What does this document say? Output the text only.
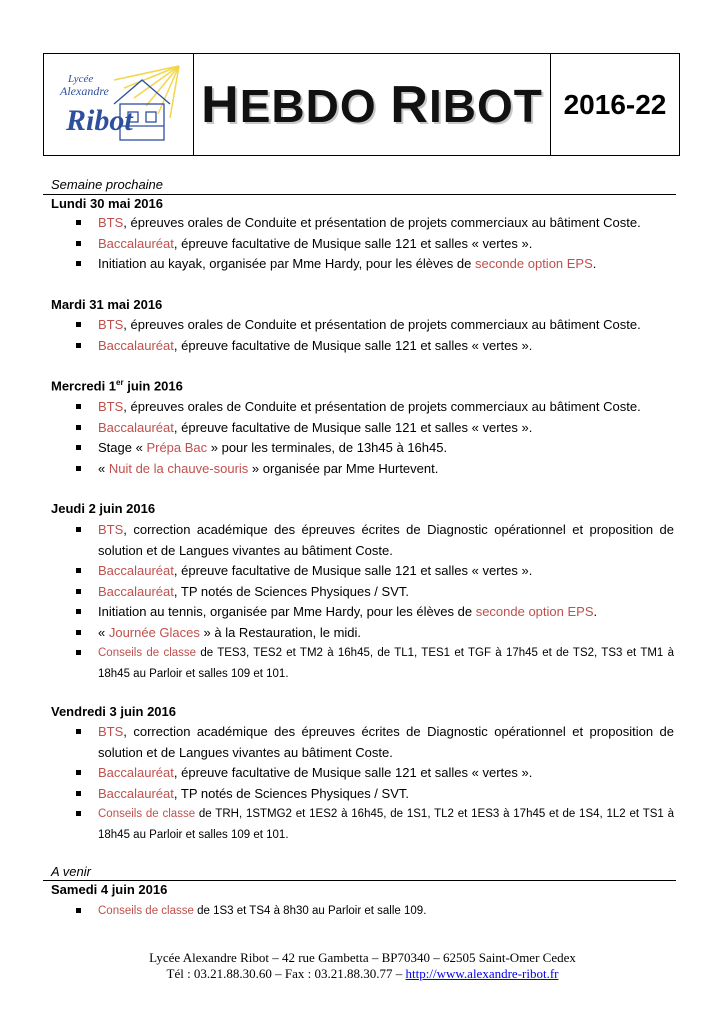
Lycée
Alexandre
Ribot HEBDO RIBOT 2016-22
Semaine prochaine
Lundi 30 mai 2016
BTS, épreuves orales de Conduite et présentation de projets commerciaux au bâtiment Coste.
Baccalauréat, épreuve facultative de Musique salle 121 et salles « vertes ».
Initiation au kayak, organisée par Mme Hardy, pour les élèves de seconde option EPS.
Mardi 31 mai 2016
BTS, épreuves orales de Conduite et présentation de projets commerciaux au bâtiment Coste.
Baccalauréat, épreuve facultative de Musique salle 121 et salles « vertes ».
Mercredi 1er juin 2016
BTS, épreuves orales de Conduite et présentation de projets commerciaux au bâtiment Coste.
Baccalauréat, épreuve facultative de Musique salle 121 et salles « vertes ».
Stage « Prépa Bac » pour les terminales, de 13h45 à 16h45.
« Nuit de la chauve-souris » organisée par Mme Hurtevent.
Jeudi 2 juin 2016
BTS, correction académique des épreuves écrites de Diagnostic opérationnel et proposition de solution et de Langues vivantes au bâtiment Coste.
Baccalauréat, épreuve facultative de Musique salle 121 et salles « vertes ».
Baccalauréat, TP notés de Sciences Physiques / SVT.
Initiation au tennis, organisée par Mme Hardy, pour les élèves de seconde option EPS.
« Journée Glaces » à la Restauration, le midi.
Conseils de classe de TES3, TES2 et TM2 à 16h45, de TL1, TES1 et TGF à 17h45 et de TS2, TS3 et TM1 à 18h45 au Parloir et salles 109 et 101.
Vendredi 3 juin 2016
BTS, correction académique des épreuves écrites de Diagnostic opérationnel et proposition de solution et de Langues vivantes au bâtiment Coste.
Baccalauréat, épreuve facultative de Musique salle 121 et salles « vertes ».
Baccalauréat, TP notés de Sciences Physiques / SVT.
Conseils de classe de TRH, 1STMG2 et 1ES2 à 16h45, de 1S1, TL2 et 1ES3 à 17h45 et de 1S4, 1L2 et TS1 à 18h45 au Parloir et salles 109 et 101.
A venir
Samedi 4 juin 2016
Conseils de classe de 1S3 et TS4 à 8h30 au Parloir et salle 109.
Lycée Alexandre Ribot – 42 rue Gambetta – BP70340 – 62505 Saint-Omer Cedex
Tél : 03.21.88.30.60 – Fax : 03.21.88.30.77 – http://www.alexandre-ribot.fr
